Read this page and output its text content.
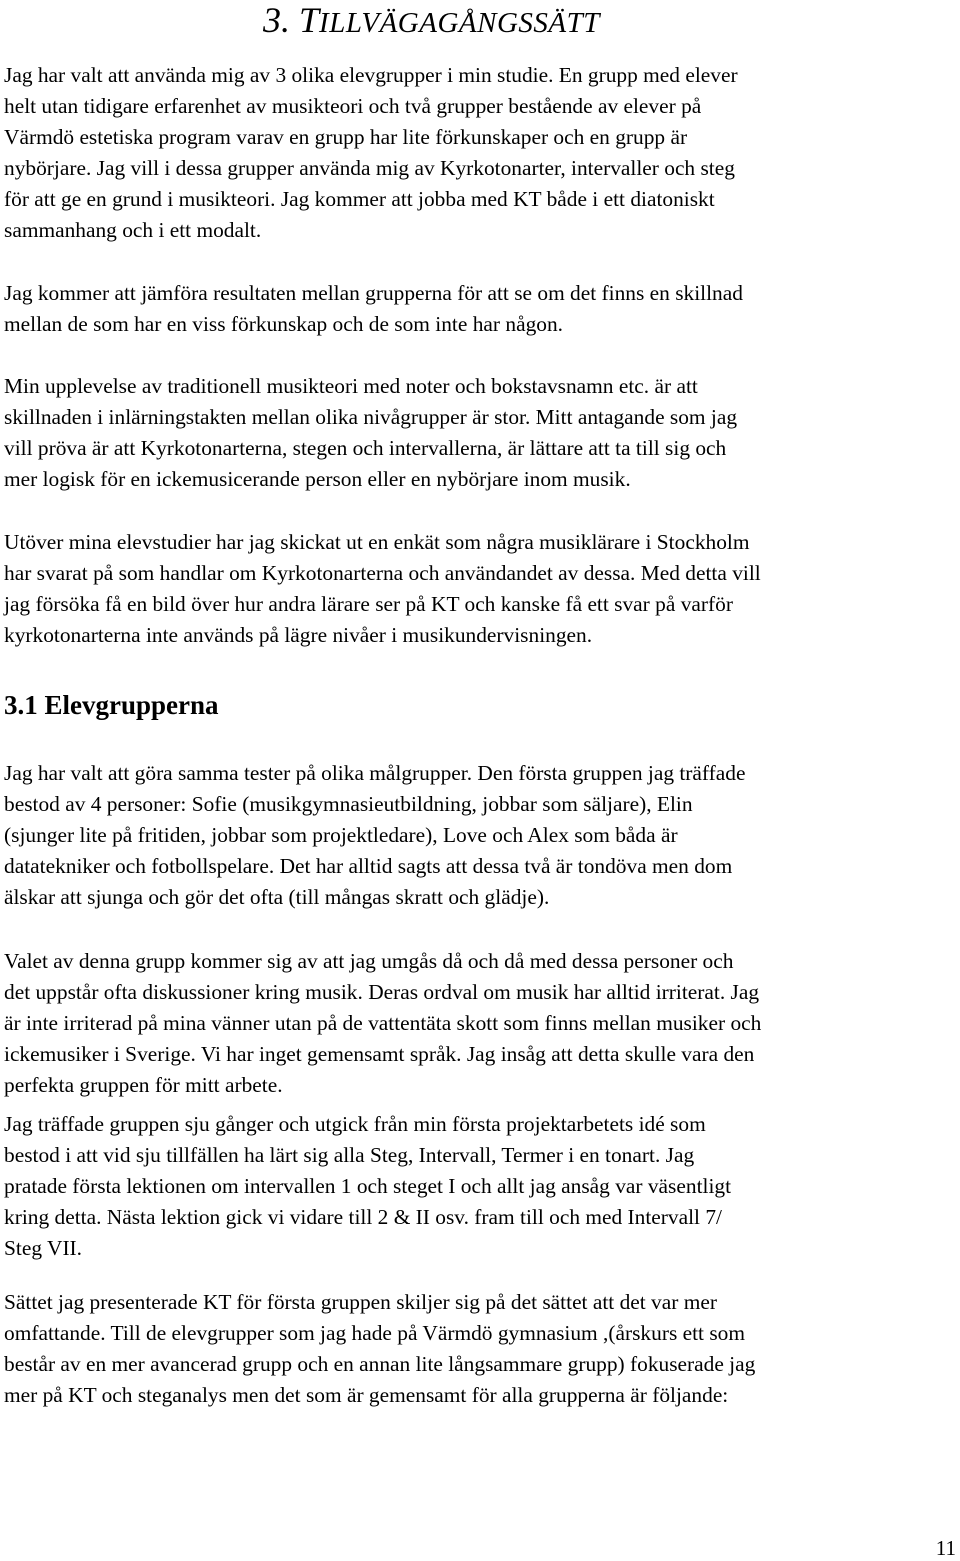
3. TILLVÄGAGÅNGSSÄTT
Jag har valt att använda mig av 3 olika elevgrupper i min studie. En grupp med elever
helt utan tidigare erfarenhet av musikteori och två grupper bestående av elever på
Värmdö estetiska program varav en grupp har lite förkunskaper och en grupp är
nybörjare. Jag vill i dessa grupper använda mig av Kyrkotonarter, intervaller och steg
för att ge en grund i musikteori. Jag kommer att jobba med KT både i ett diatoniskt
sammanhang och i ett modalt.
Jag kommer att jämföra resultaten mellan grupperna för att se om det finns en skillnad
mellan de som har en viss förkunskap och de som inte har någon.
Min upplevelse av traditionell musikteori med noter och bokstavsnamn etc. är att
skillnaden i inlärningstakten mellan olika nivågrupper är stor. Mitt antagande som jag
vill pröva är att Kyrkotonarterna, stegen och intervallerna, är lättare att ta till sig och
mer logisk för en ickemusicerande person eller en nybörjare inom musik.
Utöver mina elevstudier har jag skickat ut en enkät som några musiklärare i Stockholm
har svarat på som handlar om Kyrkotonarterna och användandet av dessa. Med detta vill
jag försöka få en bild över hur andra lärare ser på KT och kanske få ett svar på varför
kyrkotonarterna inte används på lägre nivåer i musikundervisningen.
3.1 Elevgrupperna
Jag har valt att göra samma tester på olika målgrupper. Den första gruppen jag träffade
bestod av 4 personer: Sofie (musikgymnasieutbildning, jobbar som säljare), Elin
(sjunger lite på fritiden, jobbar som projektledare), Love och Alex som båda är
datatekniker och fotbollspelare. Det har alltid sagts att dessa två är tondöva men dom
älskar att sjunga och gör det ofta (till mångas skratt och glädje).
Valet av denna grupp kommer sig av att jag umgås då och då med dessa personer och
det uppstår ofta diskussioner kring musik. Deras ordval om musik har alltid irriterat. Jag
är inte irriterad på mina vänner utan på de vattentäta skott som finns mellan musiker och
ickemusiker i Sverige. Vi har inget gemensamt språk. Jag insåg att detta skulle vara den
perfekta gruppen för mitt arbete.
Jag träffade gruppen sju gånger och utgick från min första projektarbetets idé som
bestod i att vid sju tillfällen ha lärt sig alla Steg, Intervall, Termer i en tonart. Jag
pratade första lektionen om intervallen 1 och steget I och allt jag ansåg var väsentligt
kring detta. Nästa lektion gick vi vidare till 2 & II osv. fram till och med Intervall 7/
Steg VII.
Sättet jag presenterade KT för första gruppen skiljer sig på det sättet att det var mer
omfattande. Till de elevgrupper som jag hade på Värmdö gymnasium ,(årskurs ett som
består av en mer avancerad grupp och en annan lite långsammare grupp) fokuserade jag
mer på KT och steganalys men det som är gemensamt för alla grupperna är följande:
11
